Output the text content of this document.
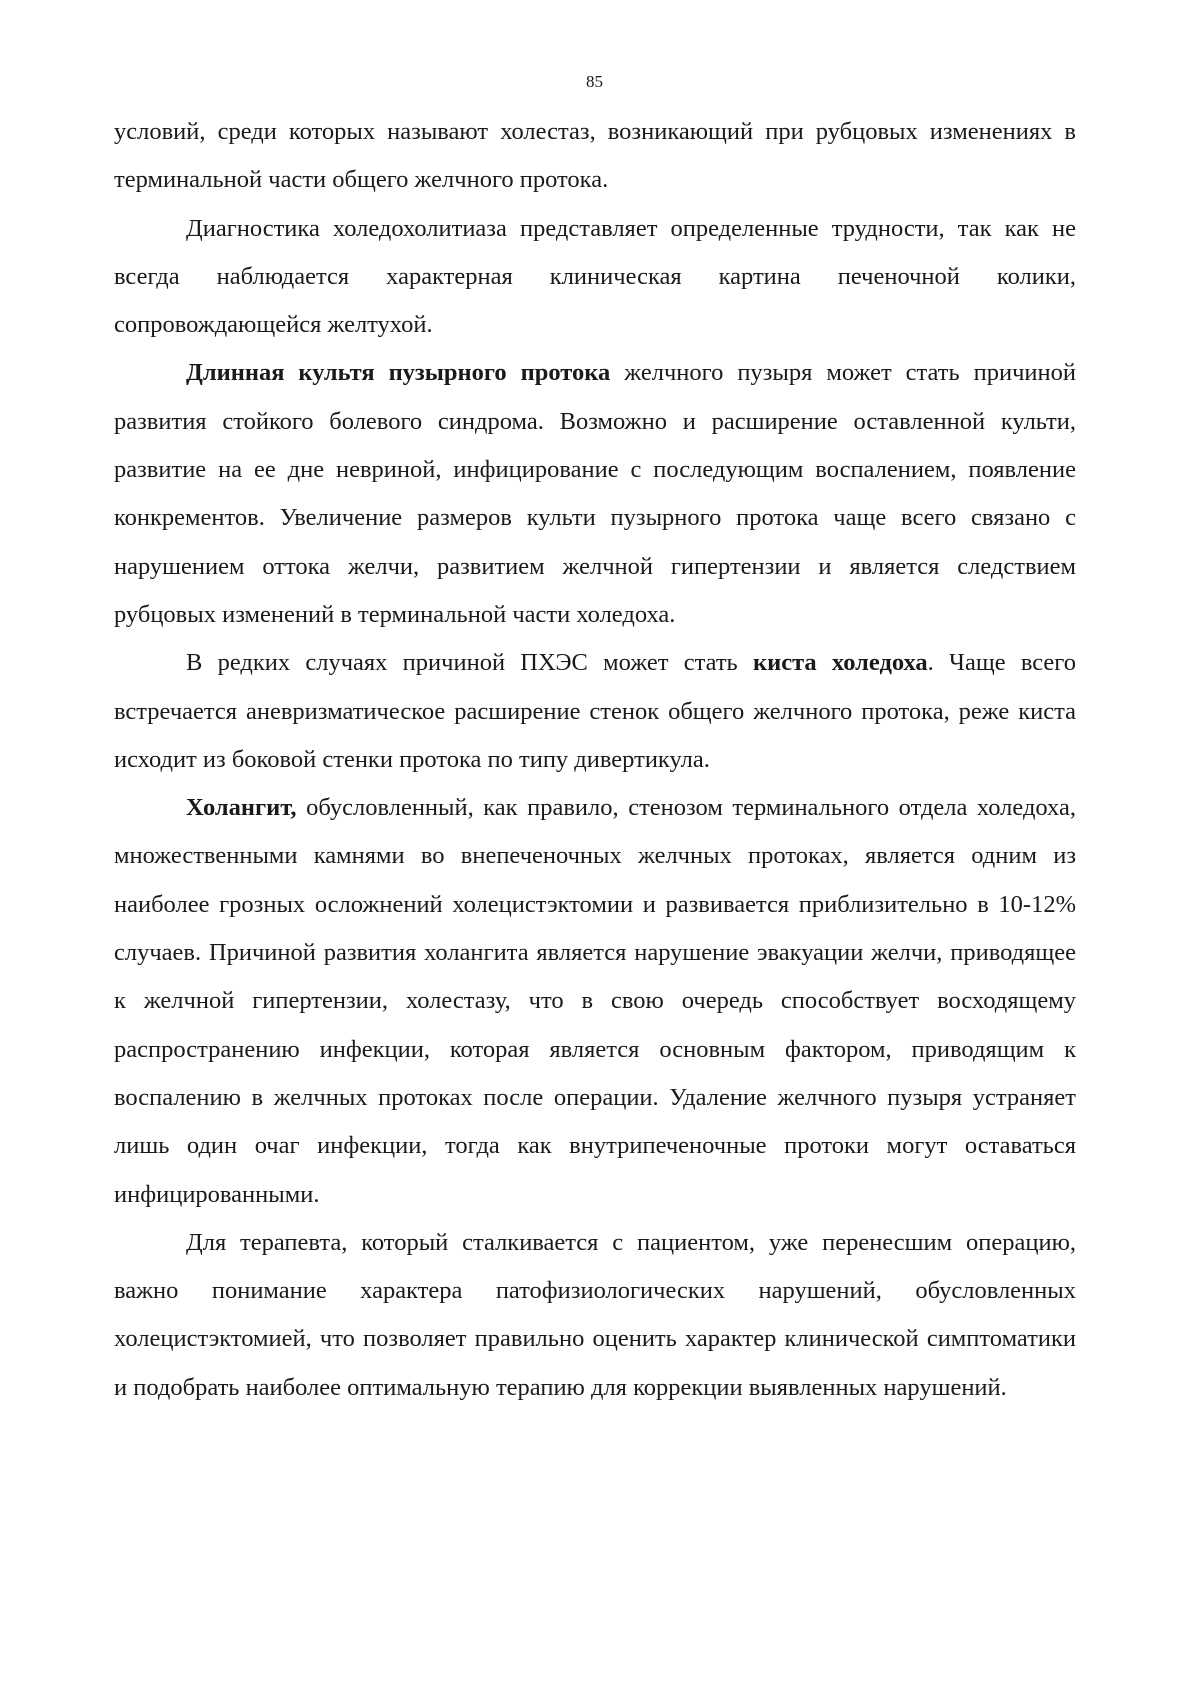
85

условий, среди которых называют холестаз, возникающий при рубцовых изменениях в терминальной части общего желчного протока.

Диагностика холедохолитиаза представляет определенные трудности, так как не всегда наблюдается характерная клиническая картина печеночной колики, сопровождающейся желтухой.

Длинная культя пузырного протока желчного пузыря может стать причиной развития стойкого болевого синдрома. Возможно и расширение оставленной культи, развитие на ее дне невриной, инфицирование с последующим воспалением, появление конкрементов. Увеличение размеров культи пузырного протока чаще всего связано с нарушением оттока желчи, развитием желчной гипертензии и является следствием рубцовых изменений в терминальной части холедоха.

В редких случаях причиной ПХЭС может стать киста холедоха. Чаще всего встречается аневризматическое расширение стенок общего желчного протока, реже киста исходит из боковой стенки протока по типу дивертикула.

Холангит, обусловленный, как правило, стенозом терминального отдела холедоха, множественными камнями во внепеченочных желчных протоках, является одним из наиболее грозных осложнений холецистэктомии и развивается приблизительно в 10-12% случаев. Причиной развития холангита является нарушение эвакуации желчи, приводящее к желчной гипертензии, холестазу, что в свою очередь способствует восходящему распространению инфекции, которая является основным фактором, приводящим к воспалению в желчных протоках после операции. Удаление желчного пузыря устраняет лишь один очаг инфекции, тогда как внутрипеченочные протоки могут оставаться инфицированными.

Для терапевта, который сталкивается с пациентом, уже перенесшим операцию, важно понимание характера патофизиологических нарушений, обусловленных холецистэктомией, что позволяет правильно оценить характер клинической симптоматики и подобрать наиболее оптимальную терапию для коррекции выявленных нарушений.
